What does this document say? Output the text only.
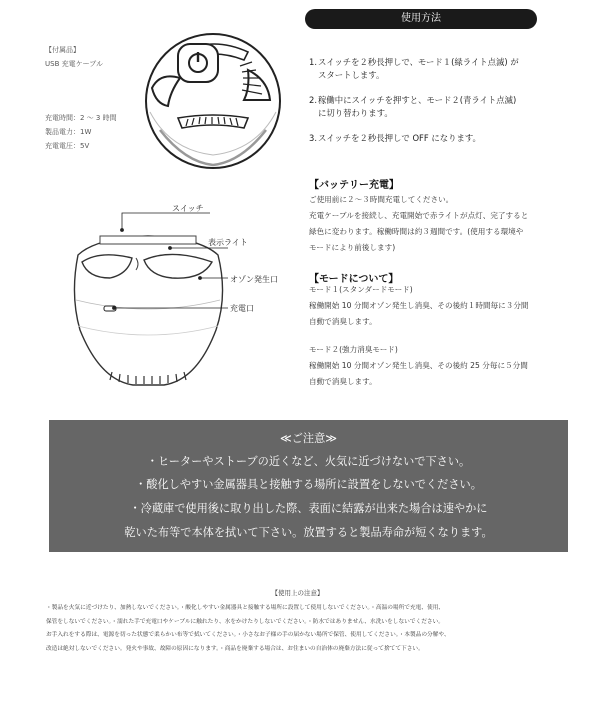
【付属品】
USB 充電ケーブル
充電時間：2 ～ 3 時間
製品電力：1W
充電電圧：5V
スイッチ
表示ライト
オゾン発生口
充電口
使用方法
1.スイッチを２秒長押しで、モード１(緑ライト点滅) が
スタートします。
2.稼働中にスイッチを押すと、モード２(青ライト点滅)
に切り替わります。
3.スイッチを２秒長押しで OFF になります。
【バッテリー充電】
ご使用前に２～３時間充電してください。
充電ケーブルを接続し、充電開始で赤ライトが点灯、完了すると
緑色に変わります。稼働時間は約３週間です。(使用する環境や
モードにより前後します)
【モードについて】
モード１(スタンダードモード)
稼働開始 10 分間オゾン発生し消臭、その後約１時間毎に３分間
自動で消臭します。
モード２(強力消臭モード)
稼働開始 10 分間オゾン発生し消臭、その後約 25 分毎に５分間
自動で消臭します。
≪ご注意≫
・ヒーターやストーブの近くなど、火気に近づけないで下さい。
・酸化しやすい金属器具と接触する場所に設置をしないでください。
・冷蔵庫で使用後に取り出した際、表面に結露が出来た場合は速やかに
乾いた布等で本体を拭いて下さい。放置すると製品寿命が短くなります。
【使用上の注意】
・製品を火気に近づけたり、加熱しないでください。・酸化しやすい金属器具と接触する場所に設置して使用しないでください。・高温の場所で充電、使用、
保管をしないでください。・濡れた手で充電口やケーブルに触れたり、水をかけたりしないでください。・防水ではありません、水洗いをしないでください。
お手入れをする際は、電源を切った状態で柔らかい布等で拭いてください。・小さなお子様の手の届かない場所で保管、使用してください。・本製品の分解や、
改造は絶対しないでください。発火や事故、故障の原因になります。・商品を廃棄する場合は、お住まいの自治体の廃棄方法に従って捨てて下さい。
